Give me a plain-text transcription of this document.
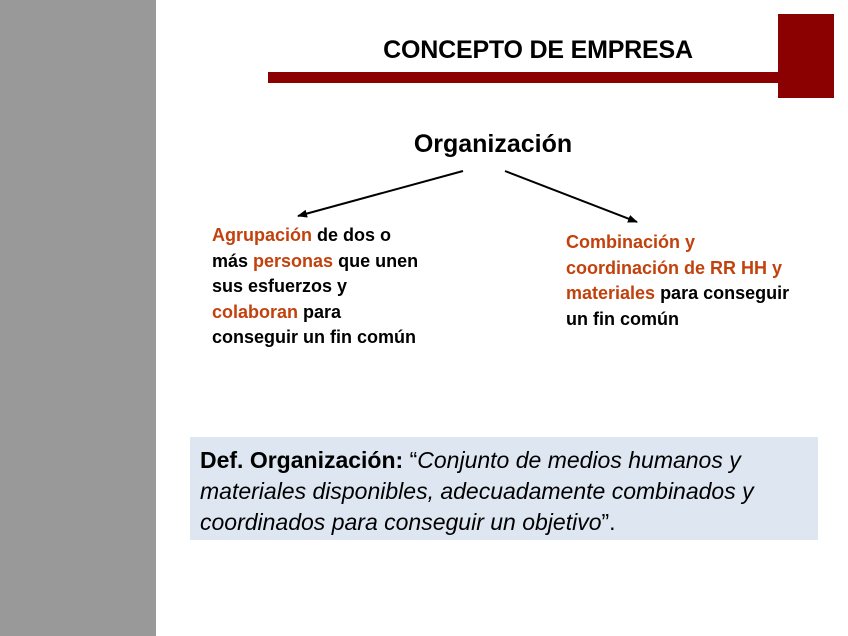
CONCEPTO DE EMPRESA
Organización
Agrupación de dos o más personas que unen sus esfuerzos y colaboran para conseguir un fin común
Combinación y coordinación de RR HH y materiales para conseguir un fin común
Def. Organización: “Conjunto de medios humanos y materiales disponibles, adecuadamente combinados y coordinados para conseguir un objetivo”.
